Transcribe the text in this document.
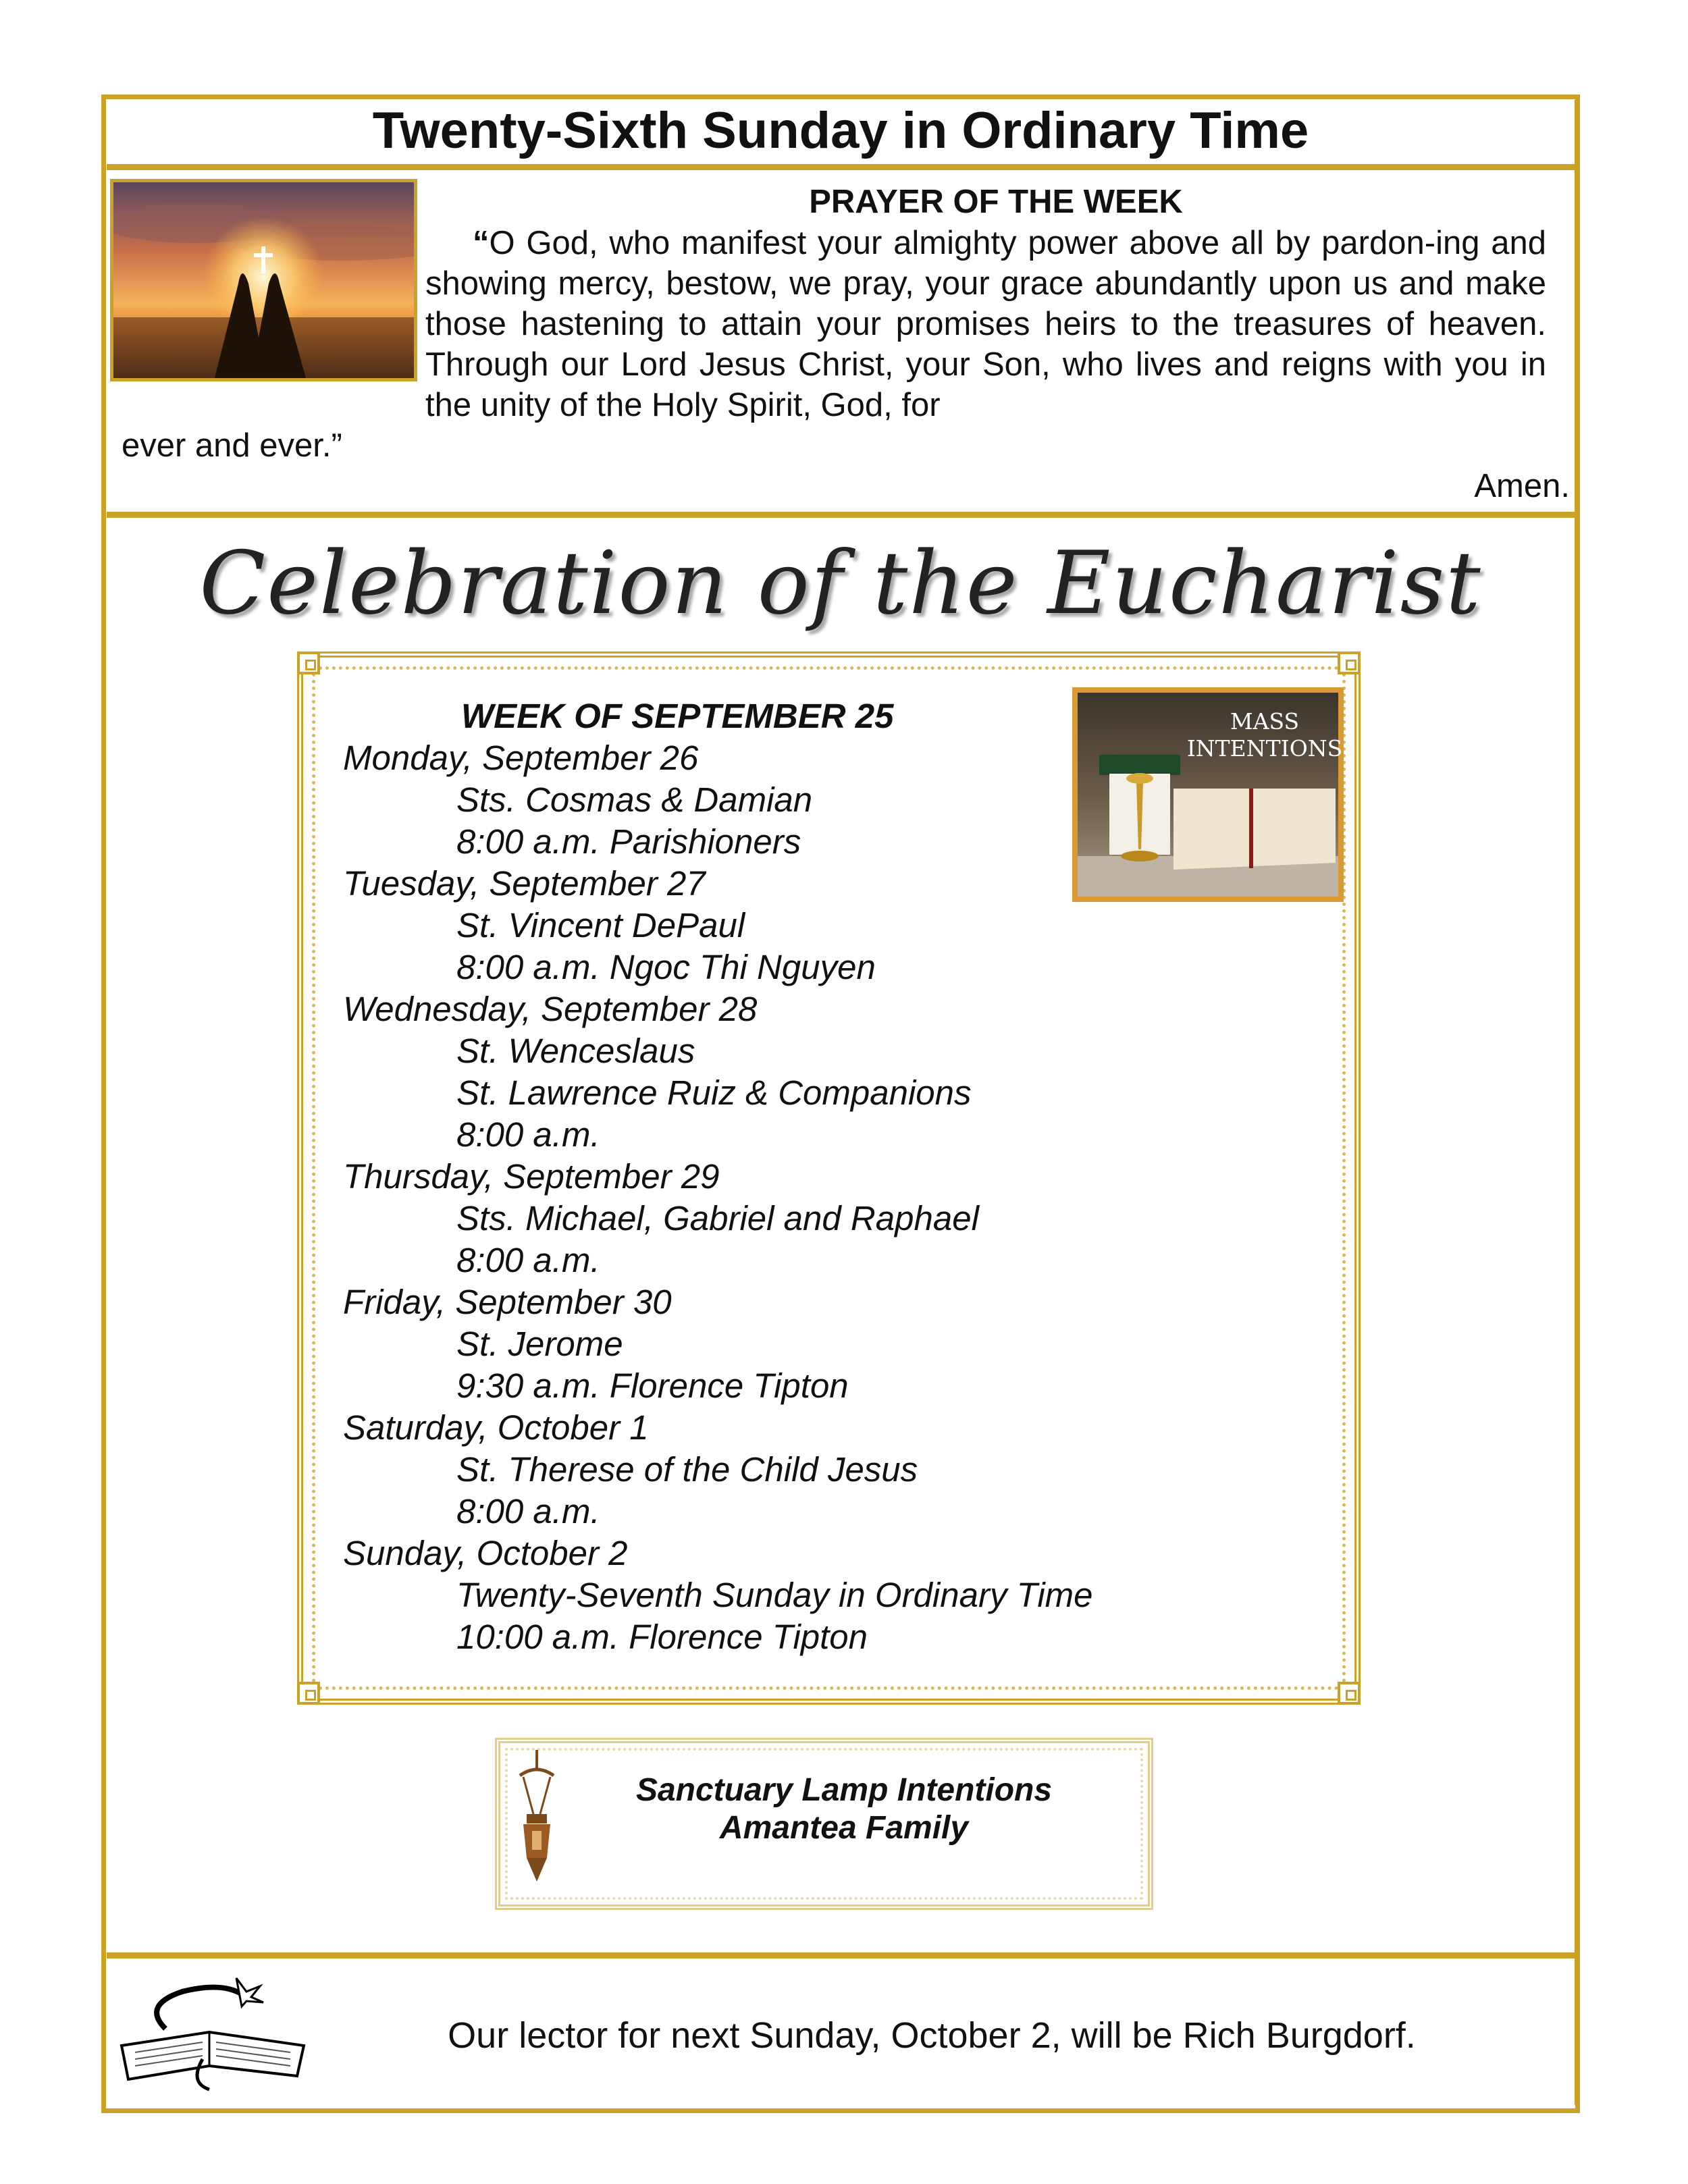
Twenty-Sixth Sunday in Ordinary Time
PRAYER OF THE WEEK
“O God, who manifest your almighty power above all by pardon-ing and showing mercy, bestow, we pray, your grace abundantly upon us and make those hastening to attain your promises heirs to the treasures of heaven. Through our Lord Jesus Christ, your Son, who lives and reigns with you in the unity of the Holy Spirit, God, for
ever and ever.”
Amen.
Celebration of the Eucharist
MASS
INTENTIONS
WEEK OF SEPTEMBER 25
Monday, September 26
Sts. Cosmas & Damian
8:00 a.m. Parishioners
Tuesday, September 27
St. Vincent DePaul
8:00 a.m. Ngoc Thi Nguyen
Wednesday, September 28
St. Wenceslaus
St. Lawrence Ruiz & Companions
8:00 a.m.
Thursday, September 29
Sts. Michael, Gabriel and Raphael
8:00 a.m.
Friday, September 30
St. Jerome
9:30 a.m. Florence Tipton
Saturday, October 1
St. Therese of the Child Jesus
8:00 a.m.
Sunday, October 2
Twenty-Seventh Sunday in Ordinary Time
10:00 a.m. Florence Tipton
Sanctuary Lamp Intentions
Amantea Family
Our lector for next Sunday, October 2, will be Rich Burgdorf.
